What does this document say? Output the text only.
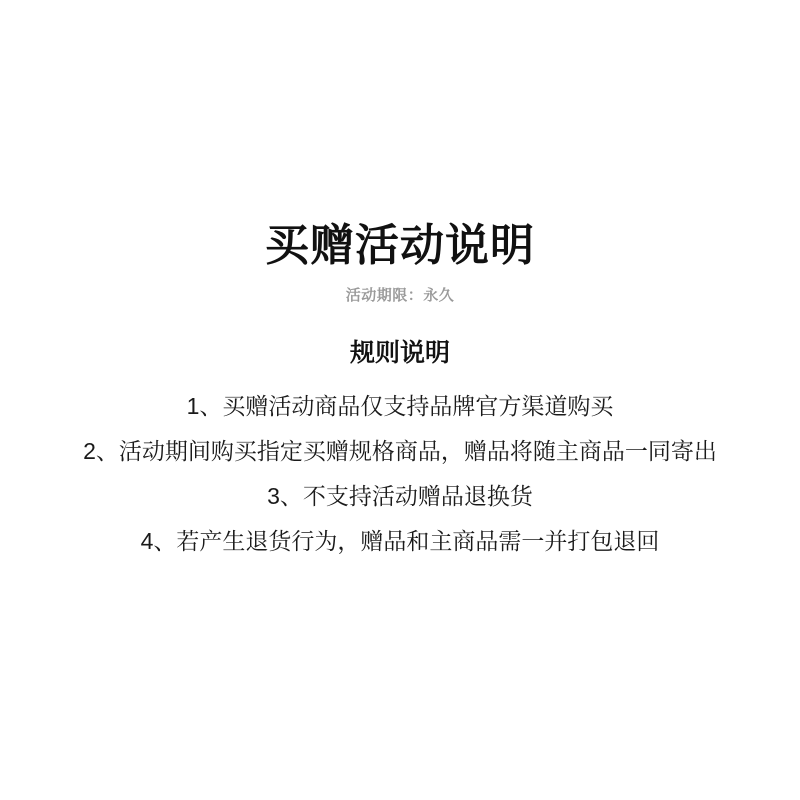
买赠活动说明
活动期限：永久
规则说明
1、买赠活动商品仅支持品牌官方渠道购买
2、活动期间购买指定买赠规格商品，赠品将随主商品一同寄出
3、不支持活动赠品退换货
4、若产生退货行为，赠品和主商品需一并打包退回
